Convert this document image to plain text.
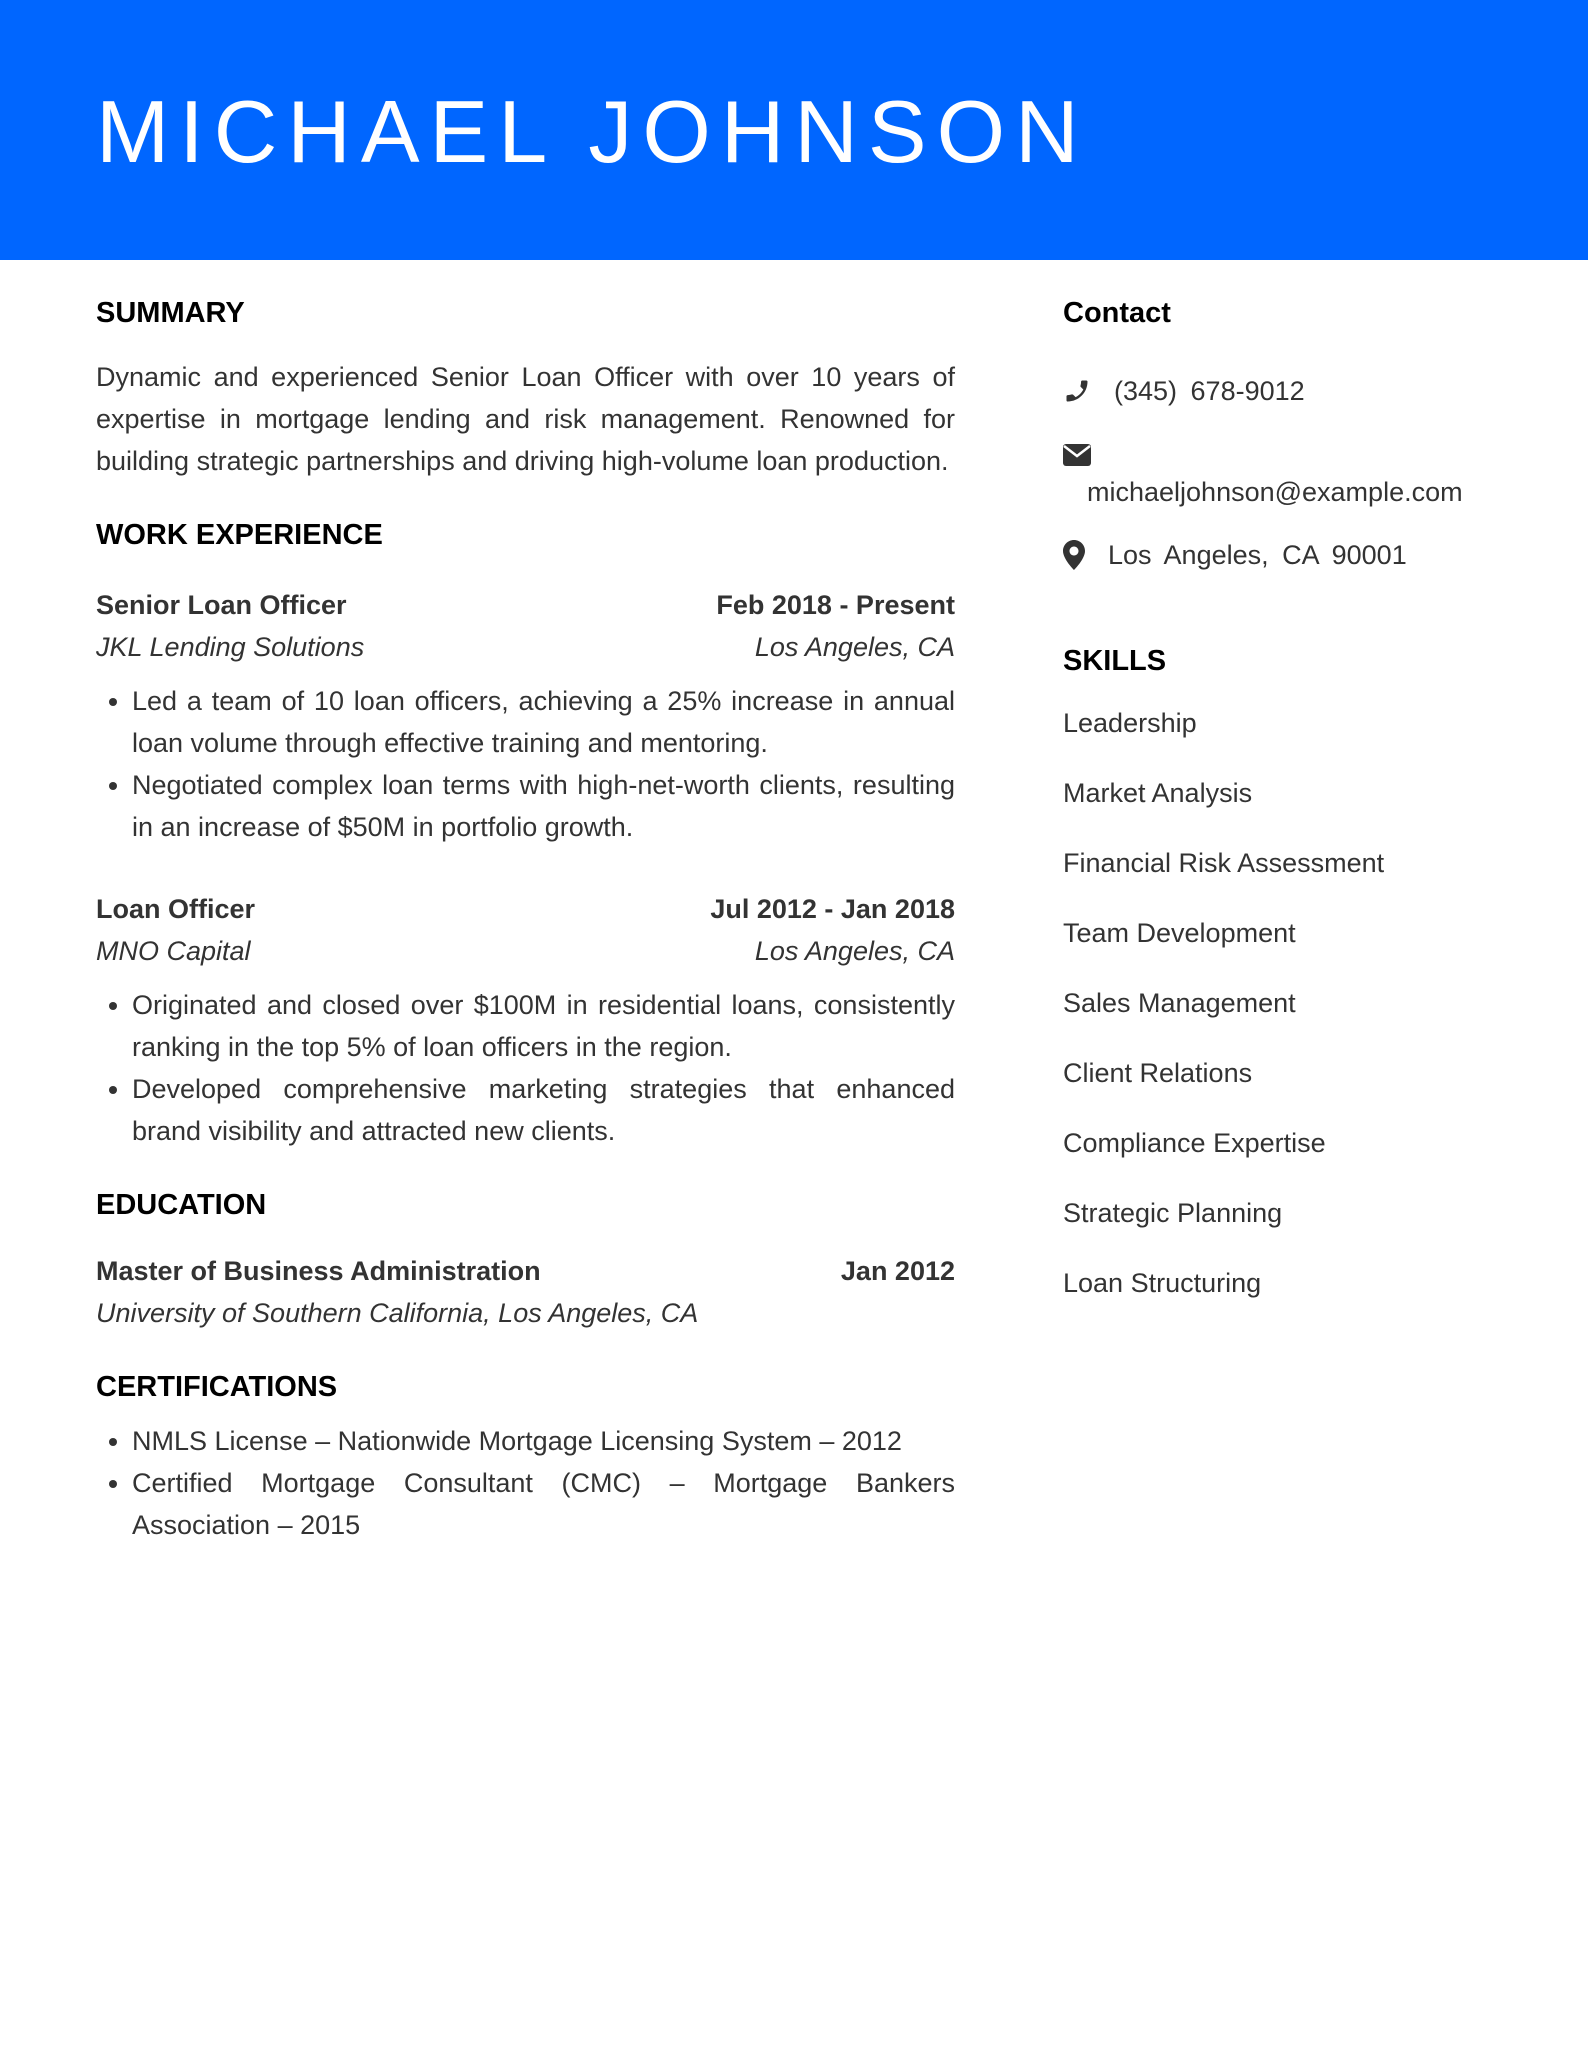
MICHAEL JOHNSON
SUMMARY

Dynamic and experienced Senior Loan Officer with over 10 years of expertise in mortgage lending and risk management. Renowned for building strategic partnerships and driving high-volume loan production.

WORK EXPERIENCE
Senior Loan Officer	Feb 2018 - Present
JKL Lending Solutions	Los Angeles, CA
• Led a team of 10 loan officers, achieving a 25% increase in annual loan volume through effective training and mentoring.
• Negotiated complex loan terms with high-net-worth clients, resulting in an increase of $50M in portfolio growth.
Loan Officer	Jul 2012 - Jan 2018
MNO Capital	Los Angeles, CA
• Originated and closed over $100M in residential loans, consistently ranking in the top 5% of loan officers in the region.
• Developed comprehensive marketing strategies that enhanced brand visibility and attracted new clients.
EDUCATION
Master of Business Administration	Jan 2012
University of Southern California, Los Angeles, CA
CERTIFICATIONS
• NMLS License – Nationwide Mortgage Licensing System – 2012
• Certified Mortgage Consultant (CMC) – Mortgage Bankers Association – 2015
Contact
(345) 678-9012
michaeljohnson@example.com
Los Angeles, CA 90001
SKILLS
Leadership
Market Analysis
Financial Risk Assessment
Team Development
Sales Management
Client Relations
Compliance Expertise
Strategic Planning
Loan Structuring
